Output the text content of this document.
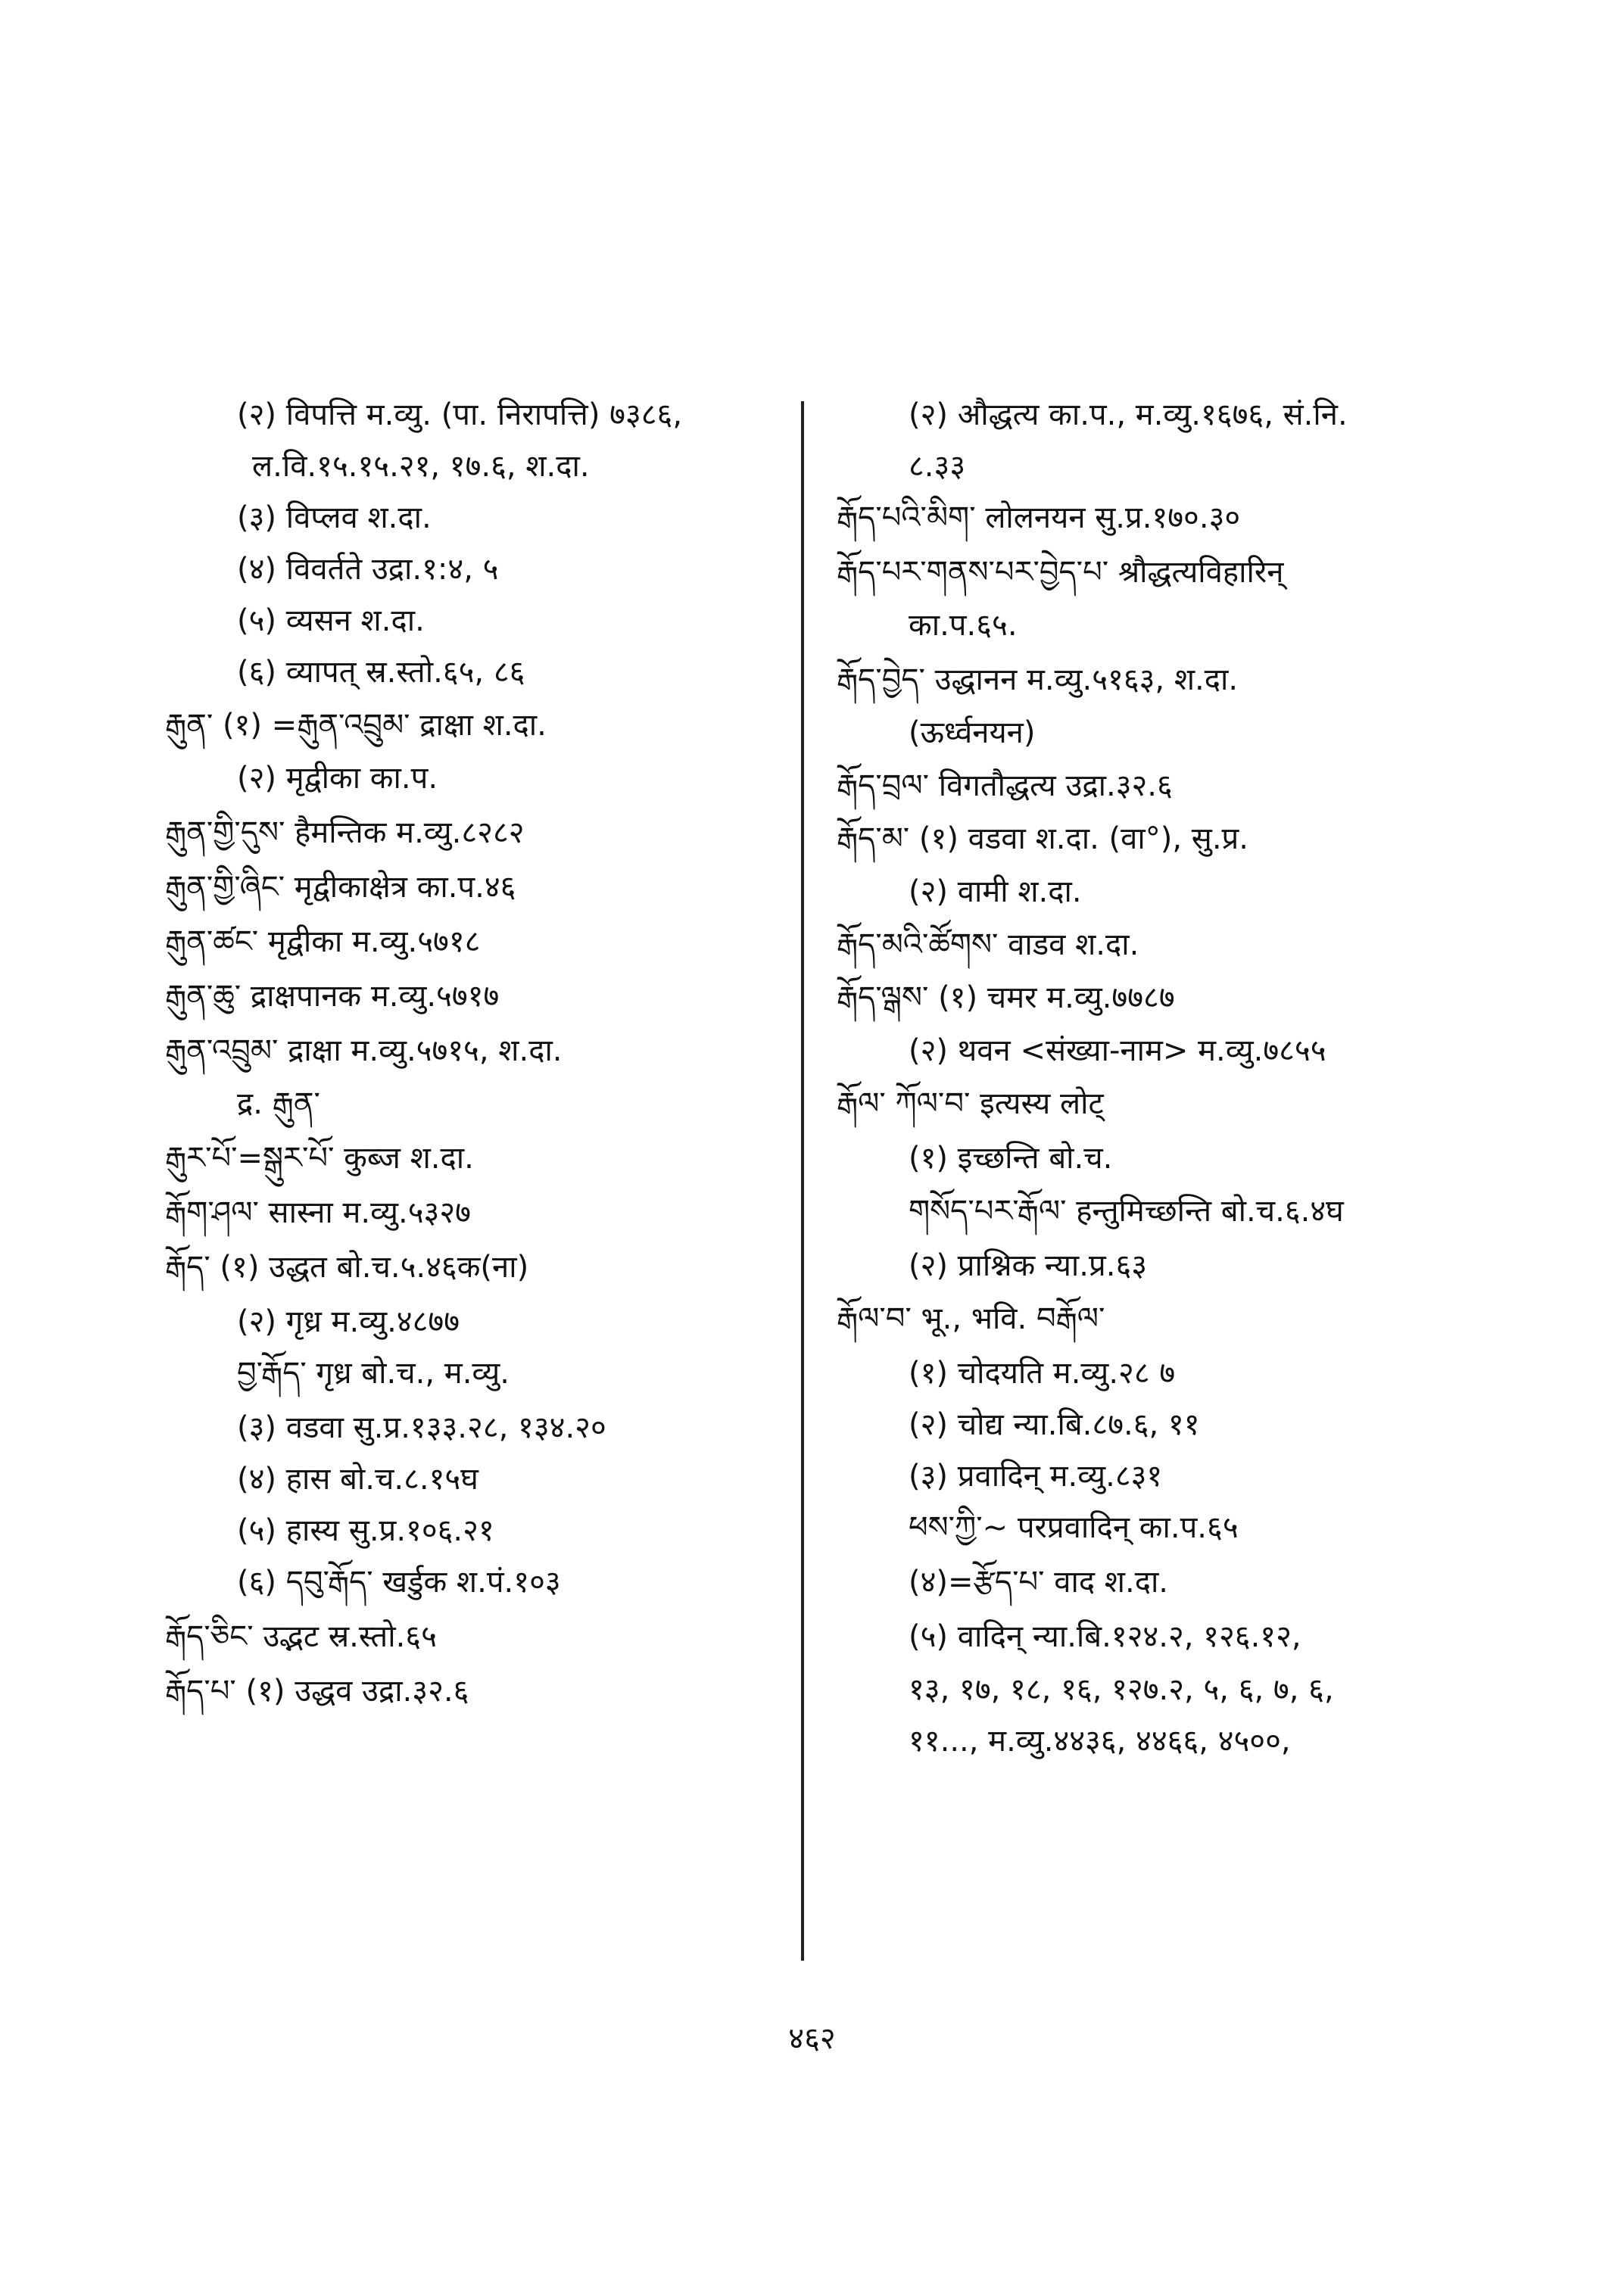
(२) विपत्ति म.व्यु. (पा. निरापत्ति) ७३८६,
ल.वि.१५.१५.२१, १७.६, श.दा.
(३) विप्लव श.दा.
(४) विवर्तते उद्रा.१:४, ५
(५) व्यसन श.दा.
(६) व्यापत् स्र.स्तो.६५, ८६
རྒུན་ (१) =རྒུན་འབྲུམ་ द्राक्षा श.दा.
(२) मृद्वीका का.प.
རྒུན་གྱི་དུས་ हैमन्तिक म.व्यु.८२८२
རྒུན་གྱི་ཞིང་ मृद्वीकाक्षेत्र का.प.४६
རྒུན་ཚང་ मृद्वीका म.व्यु.५७१८
རྒུན་ཆུ་ द्राक्षपानक म.व्यु.५७१७
རྒུན་འབྲུམ་ द्राक्षा म.व्यु.५७१५, श.दा.
द्र. རྒུན་
རྒུར་པོ་=སྒུར་པོ་ कुब्ज श.दा.
རྒོག་ཤལ་ सास्ना म.व्यु.५३२७
རྒོད་ (१) उद्धत बो.च.५.४६क(ना)
(२) गृध्र म.व्यु.४८७७
བྱ་རྒོད་ गृध्र बो.च., म.व्यु.
(३) वडवा सु.प्र.१३३.२८, १३४.२०
(४) हास बो.च.८.१५घ
(५) हास्य सु.प्र.१०६.२१
(६) དབུ་རྒོད་ खर्डुक श.पं.१०३
རྒོད་ཅིང་ उद्भट स्र.स्तो.६५
རྒོད་པ་ (१) उद्धव उद्रा.३२.६
(२) औद्धत्य का.प., म.व्यु.१६७६, सं.नि.
८.३३
རྒོད་པའི་མིག་ लोलनयन सु.प्र.१७०.३०
རྒོད་པར་གནས་པར་བྱེད་པ་ श्रौद्धत्यविहारिन्
का.प.६५.
རྒོད་བྱེད་ उद्धानन म.व्यु.५१६३, श.दा.
(ऊर्ध्वनयन)
རྒོད་བྲལ་ विगतौद्धत्य उद्रा.३२.६
རྒོད་མ་ (१) वडवा श.दा. (वा°), सु.प्र.
(२) वामी श.दा.
རྒོད་མའི་ཚོགས་ वाडव श.दा.
རྒོད་ལྒས་ (१) चमर म.व्यु.७७८७
(२) थवन <संख्या-नाम> म.व्यु.७८५५
རྒོལ་ ཀོལ་བ་ इत्यस्य लोट्
(१) इच्छन्ति बो.च.
གསོད་པར་རྒོལ་ हन्तुमिच्छन्ति बो.च.६.४घ
(२) प्राश्निक न्या.प्र.६३
རྒོལ་བ་ भू., भवि. བརྒོལ་
(१) चोदयति म.व्यु.२८ ७
(२) चोद्य न्या.बि.८७.६, ११
(३) प्रवादिन् म.व्यु.८३१
ཕས་ཀྱི་~ परप्रवादिन् का.प.६५
(४)=རྩོད་པ་ वाद श.दा.
(५) वादिन् न्या.बि.१२४.२, १२६.१२,
१३, १७, १८, १६, १२७.२, ५, ६, ७, ६,
११..., म.व्यु.४४३६, ४४६६, ४५००,
४६२
